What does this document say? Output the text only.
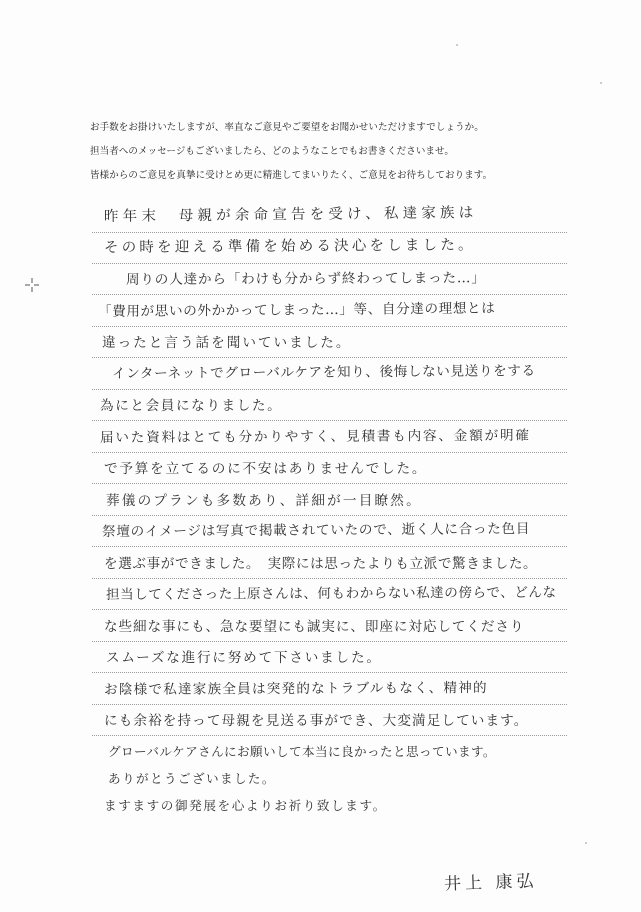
お手数をお掛けいたしますが、率直なご意見やご要望をお聞かせいただけますでしょうか。
担当者へのメッセージもございましたら、どのようなことでもお書きくださいませ。
皆様からのご意見を真摯に受けとめ更に精進してまいりたく、ご意見をお待ちしております。
昨年末　母親が余命宣告を受け、私達家族は
その時を迎える準備を始める決心をしました。
周りの人達から「わけも分からず終わってしまった…」
「費用が思いの外かかってしまった…」等、自分達の理想とは
違ったと言う話を聞いていました。
インターネットでグローバルケアを知り、後悔しない見送りをする
為にと会員になりました。
届いた資料はとても分かりやすく、見積書も内容、金額が明確
で予算を立てるのに不安はありませんでした。
葬儀のプランも多数あり、詳細が一目瞭然。
祭壇のイメージは写真で掲載されていたので、逝く人に合った色目
を選ぶ事ができました。　実際には思ったよりも立派で驚きました。
担当してくださった上原さんは、何もわからない私達の傍らで、どんな
な些細な事にも、急な要望にも誠実に、即座に対応してくださり
スムーズな進行に努めて下さいました。
お陰様で私達家族全員は突発的なトラブルもなく、精神的
にも余裕を持って母親を見送る事ができ、大変満足しています。
グローバルケアさんにお願いして本当に良かったと思っています。
ありがとうございました。
ますますの御発展を心よりお祈り致します。
井上 康弘
